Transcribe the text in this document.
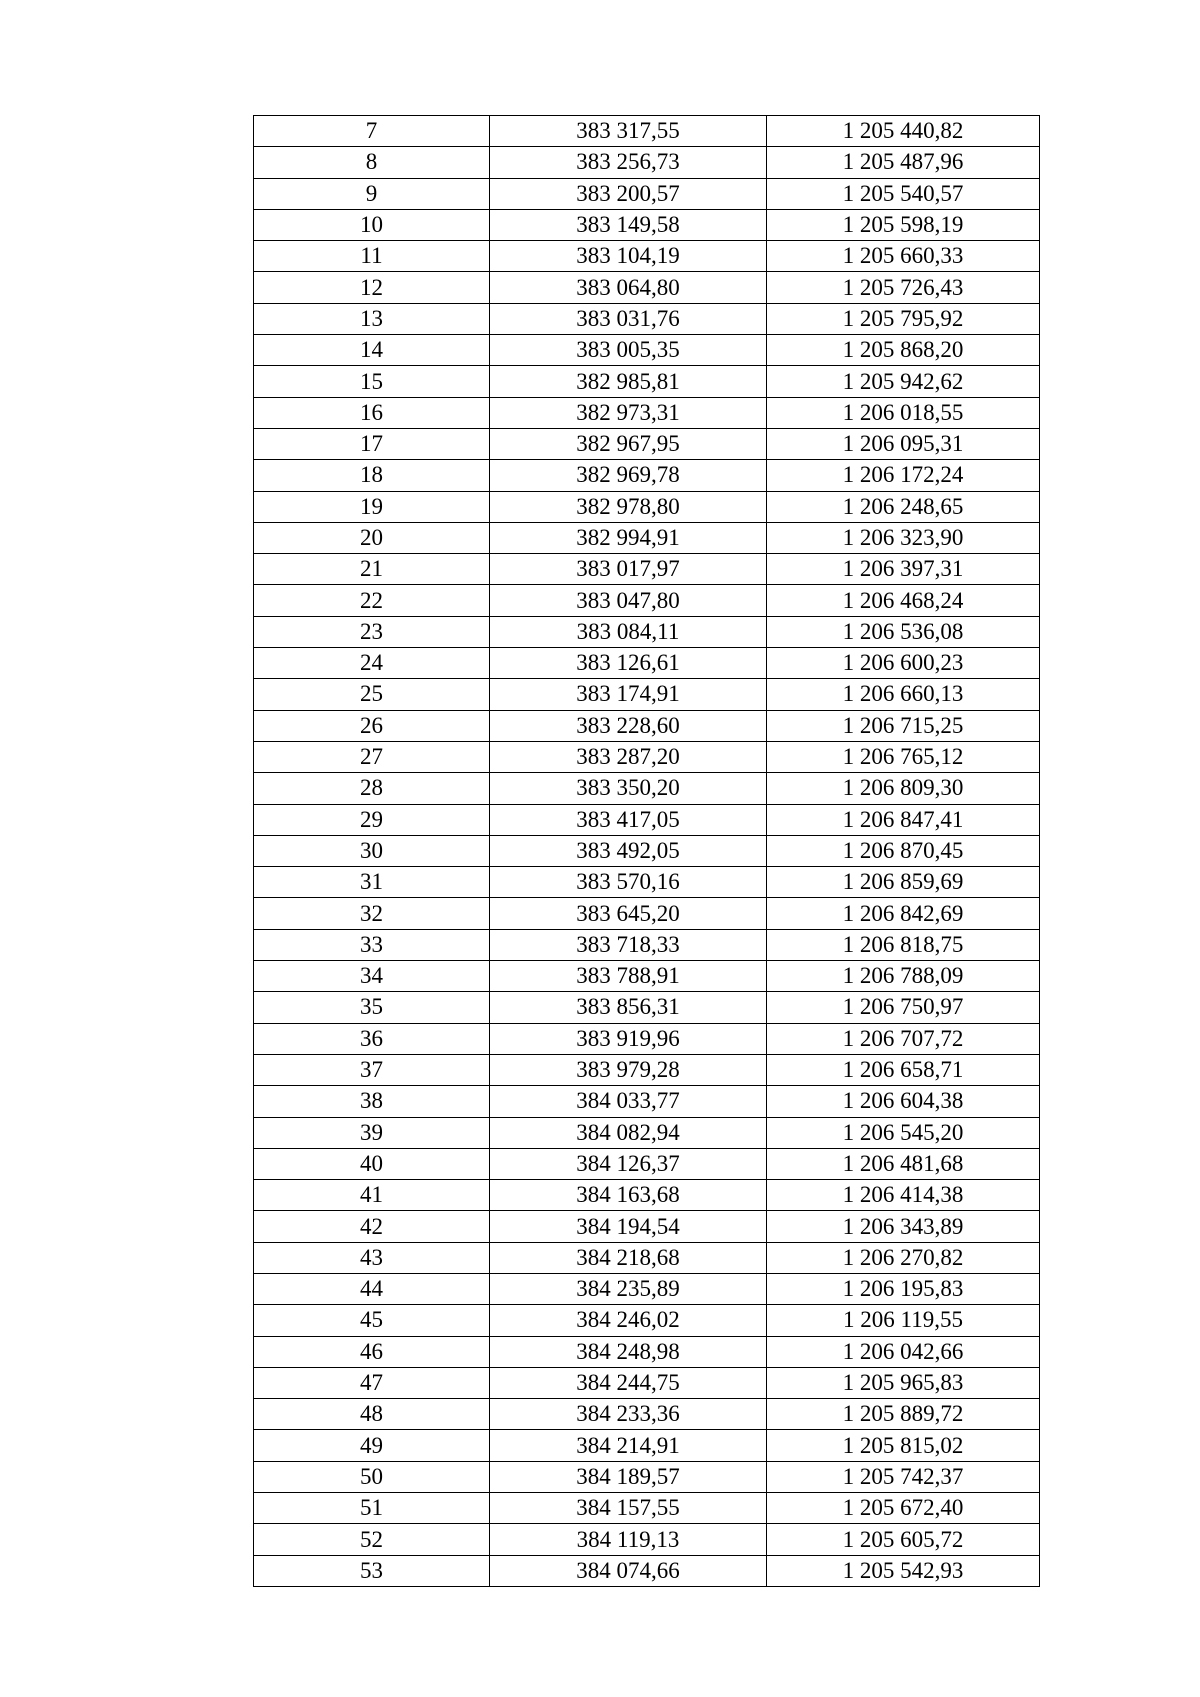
7	383 317,55	1 205 440,82
8	383 256,73	1 205 487,96
9	383 200,57	1 205 540,57
10	383 149,58	1 205 598,19
11	383 104,19	1 205 660,33
12	383 064,80	1 205 726,43
13	383 031,76	1 205 795,92
14	383 005,35	1 205 868,20
15	382 985,81	1 205 942,62
16	382 973,31	1 206 018,55
17	382 967,95	1 206 095,31
18	382 969,78	1 206 172,24
19	382 978,80	1 206 248,65
20	382 994,91	1 206 323,90
21	383 017,97	1 206 397,31
22	383 047,80	1 206 468,24
23	383 084,11	1 206 536,08
24	383 126,61	1 206 600,23
25	383 174,91	1 206 660,13
26	383 228,60	1 206 715,25
27	383 287,20	1 206 765,12
28	383 350,20	1 206 809,30
29	383 417,05	1 206 847,41
30	383 492,05	1 206 870,45
31	383 570,16	1 206 859,69
32	383 645,20	1 206 842,69
33	383 718,33	1 206 818,75
34	383 788,91	1 206 788,09
35	383 856,31	1 206 750,97
36	383 919,96	1 206 707,72
37	383 979,28	1 206 658,71
38	384 033,77	1 206 604,38
39	384 082,94	1 206 545,20
40	384 126,37	1 206 481,68
41	384 163,68	1 206 414,38
42	384 194,54	1 206 343,89
43	384 218,68	1 206 270,82
44	384 235,89	1 206 195,83
45	384 246,02	1 206 119,55
46	384 248,98	1 206 042,66
47	384 244,75	1 205 965,83
48	384 233,36	1 205 889,72
49	384 214,91	1 205 815,02
50	384 189,57	1 205 742,37
51	384 157,55	1 205 672,40
52	384 119,13	1 205 605,72
53	384 074,66	1 205 542,93
